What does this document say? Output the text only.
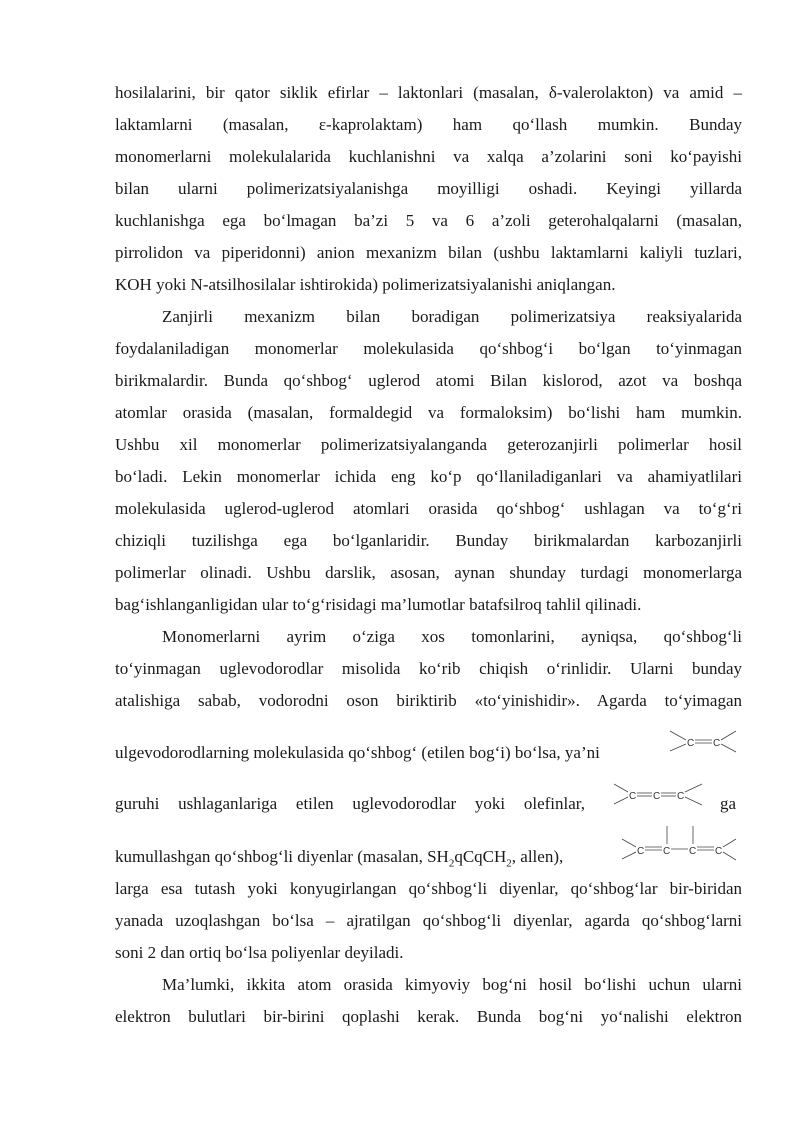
hosilalarini, bir qator siklik efirlar – laktonlari (masalan, δ-valerolakton) va amid –
laktamlarni (masalan, ε-kaprolaktam) ham qo‘llash mumkin. Bunday
monomerlarni molekulalarida kuchlanishni va xalqa a’zolarini soni ko‘payishi
bilan ularni polimerizatsiyalanishga moyilligi oshadi. Keyingi yillarda
kuchlanishga ega bo‘lmagan ba’zi 5 va 6 a’zoli geterohalqalarni (masalan,
pirrolidon va piperidonni) anion mexanizm bilan (ushbu laktamlarni kaliyli tuzlari,
KOH yoki N-atsilhosilalar ishtirokida) polimerizatsiyalanishi aniqlangan.
Zanjirli mexanizm bilan boradigan polimerizatsiya reaksiyalarida
foydalaniladigan monomerlar molekulasida qo‘shbog‘i bo‘lgan to‘yinmagan
birikmalardir. Bunda qo‘shbog‘ uglerod atomi Bilan kislorod, azot va boshqa
atomlar orasida (masalan, formaldegid va formaloksim) bo‘lishi ham mumkin.
Ushbu xil monomerlar polimerizatsiyalanganda geterozanjirli polimerlar hosil
bo‘ladi. Lekin monomerlar ichida eng ko‘p qo‘llaniladiganlari va ahamiyatlilari
molekulasida uglerod-uglerod atomlari orasida qo‘shbog‘ ushlagan va to‘g‘ri
chiziqli tuzilishga ega bo‘lganlaridir. Bunday birikmalardan karbozanjirli
polimerlar olinadi. Ushbu darslik, asosan, aynan shunday turdagi monomerlarga
bag‘ishlanganligidan ular to‘g‘risidagi ma’lumotlar batafsilroq tahlil qilinadi.
Monomerlarni ayrim o‘ziga xos tomonlarini, ayniqsa, qo‘shbog‘li
to‘yinmagan uglevodorodlar misolida ko‘rib chiqish o‘rinlidir. Ularni bunday
atalishiga sabab, vodorodni oson biriktirib «to‘yinishidir». Agarda to‘yimagan
ulgevodorodlarning molekulasida qo‘shbog‘ (etilen bog‘i) bo‘lsa, ya’ni	C C
guruhi ushlaganlariga etilen uglevodorodlar yoki olefinlar,	C C C ga
kumullashgan qo‘shbog‘li diyenlar (masalan, $SH_2qCqCH_2$, allen),	C C C C
larga esa tutash yoki konyugirlangan qo‘shbog‘li diyenlar, qo‘shbog‘lar bir-biridan
yanada uzoqlashgan bo‘lsa – ajratilgan qo‘shbog‘li diyenlar, agarda qo‘shbog‘larni
soni 2 dan ortiq bo‘lsa poliyenlar deyiladi.
Ma’lumki, ikkita atom orasida kimyoviy bog‘ni hosil bo‘lishi uchun ularni
elektron bulutlari bir-birini qoplashi kerak. Bunda bog‘ni yo‘nalishi elektron
